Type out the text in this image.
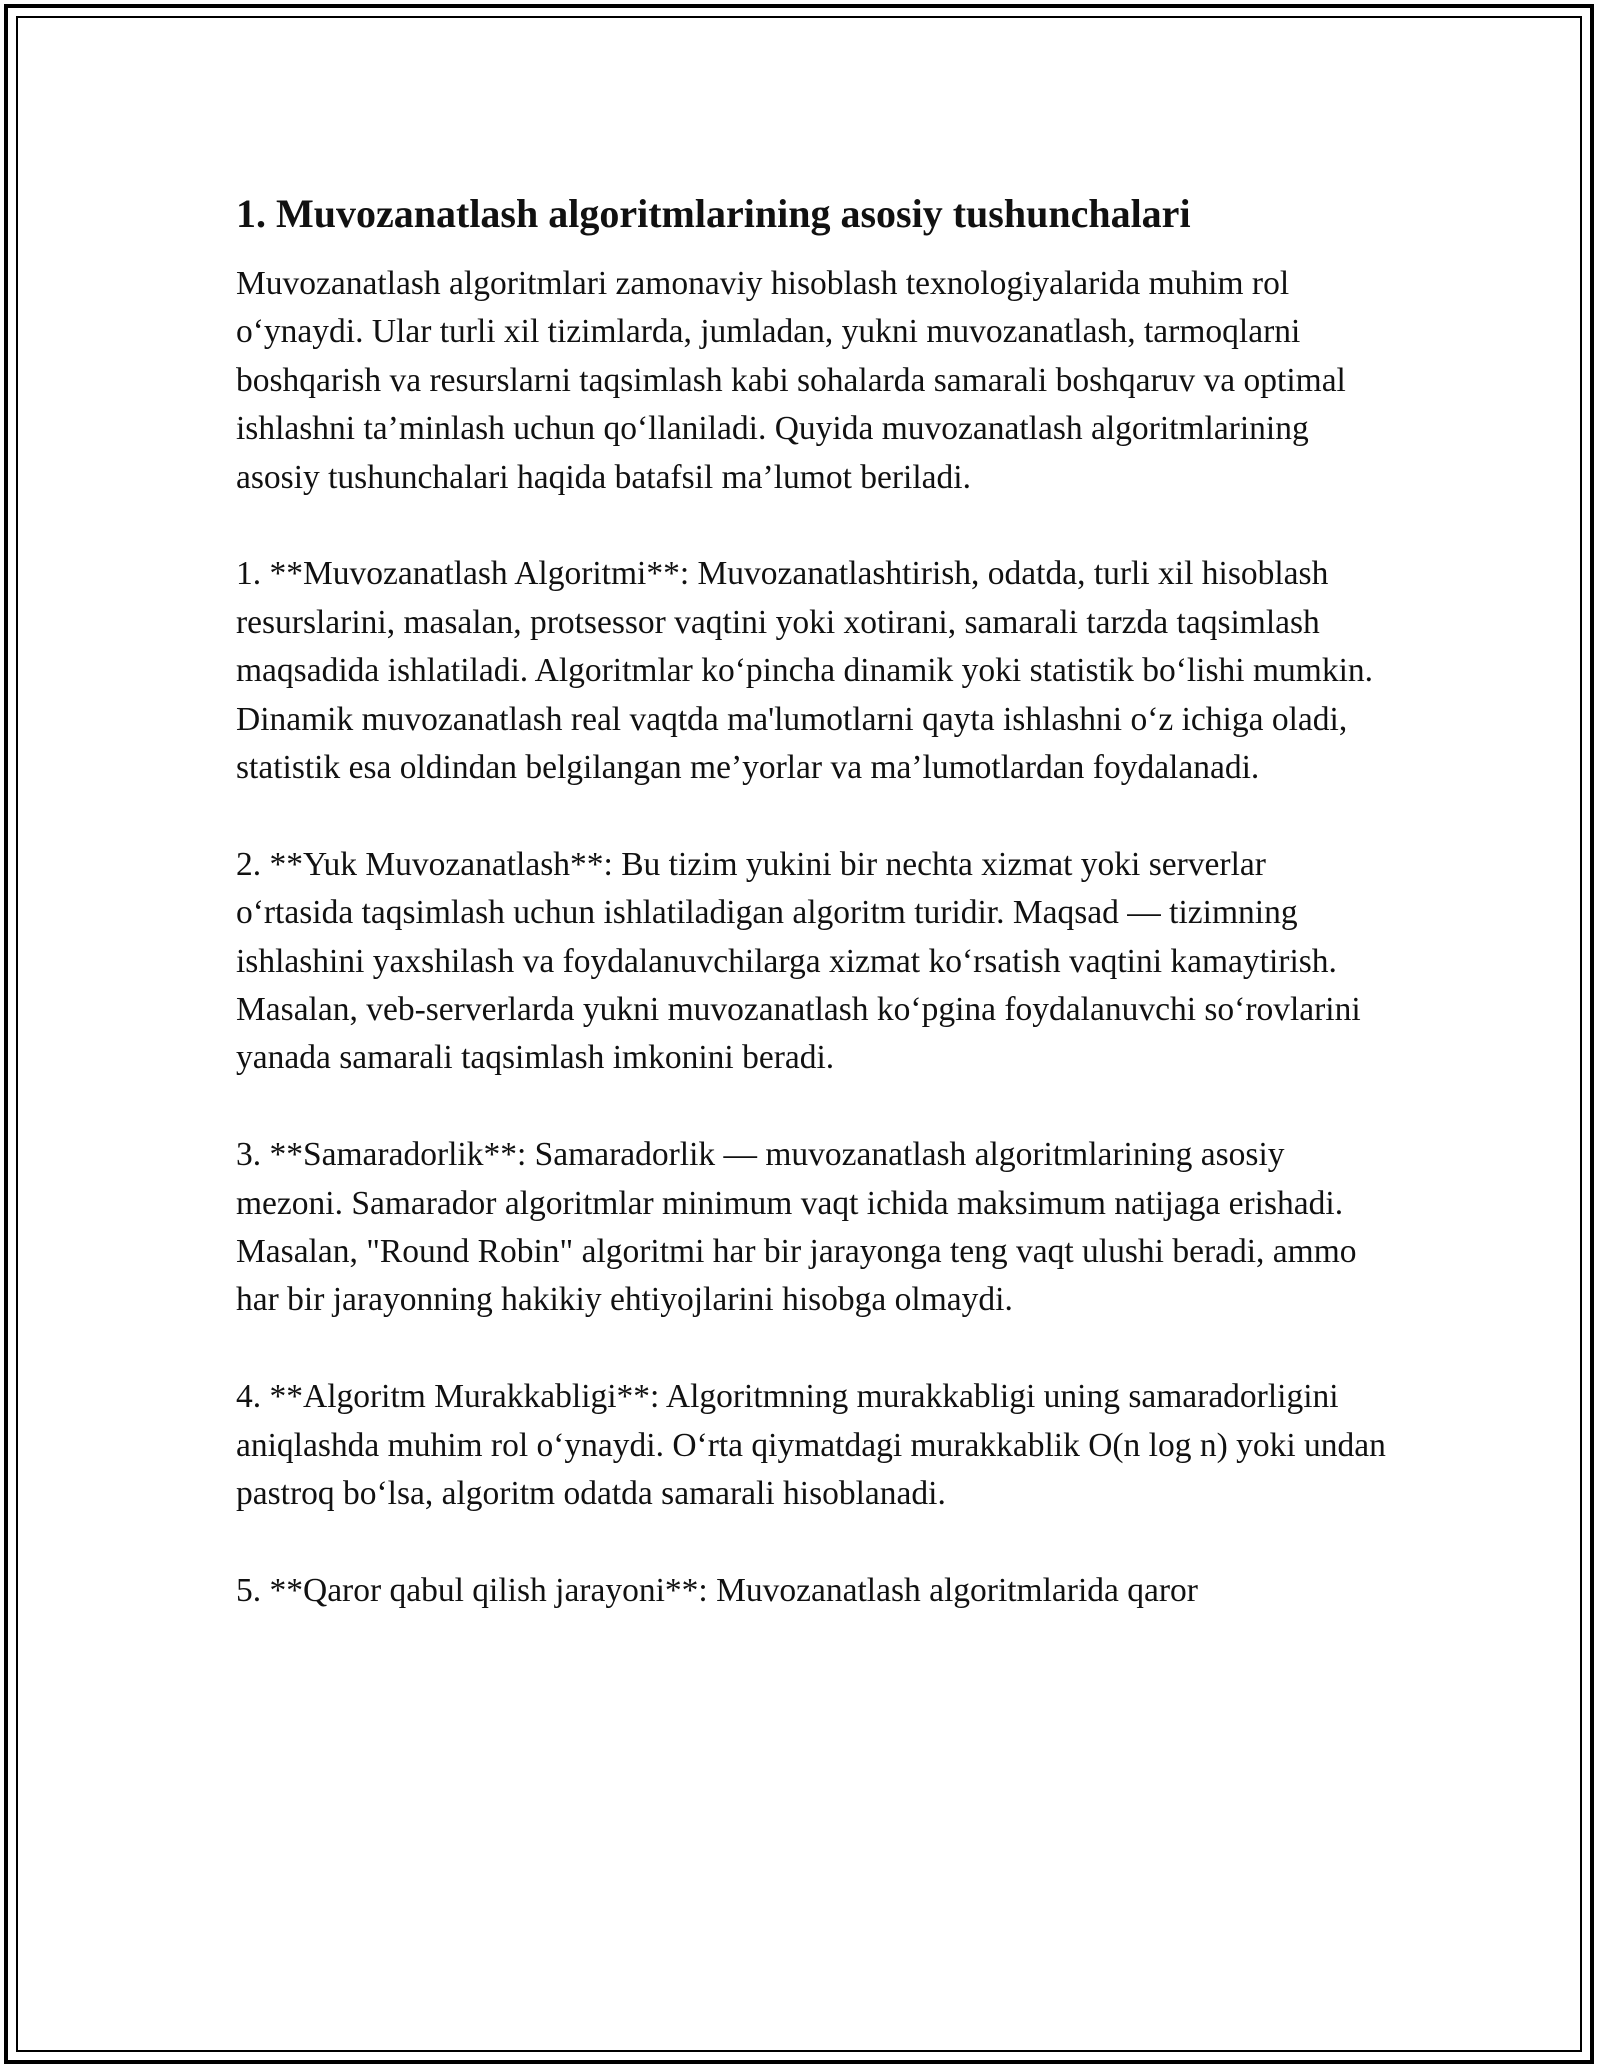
1. Muvozanatlash algoritmlarining asosiy tushunchalari

Muvozanatlash algoritmlari zamonaviy hisoblash texnologiyalarida muhim rol o‘ynaydi. Ular turli xil tizimlarda, jumladan, yukni muvozanatlash, tarmoqlarni boshqarish va resurslarni taqsimlash kabi sohalarda samarali boshqaruv va optimal ishlashni ta’minlash uchun qo‘llaniladi. Quyida muvozanatlash algoritmlarining asosiy tushunchalari haqida batafsil ma’lumot beriladi.

1. **Muvozanatlash Algoritmi**: Muvozanatlashtirish, odatda, turli xil hisoblash resurslarini, masalan, protsessor vaqtini yoki xotirani, samarali tarzda taqsimlash maqsadida ishlatiladi. Algoritmlar ko‘pincha dinamik yoki statistik bo‘lishi mumkin. Dinamik muvozanatlash real vaqtda ma'lumotlarni qayta ishlashni o‘z ichiga oladi, statistik esa oldindan belgilangan me’yorlar va ma’lumotlardan foydalanadi.

2. **Yuk Muvozanatlash**: Bu tizim yukini bir nechta xizmat yoki serverlar o‘rtasida taqsimlash uchun ishlatiladigan algoritm turidir. Maqsad — tizimning ishlashini yaxshilash va foydalanuvchilarga xizmat ko‘rsatish vaqtini kamaytirish. Masalan, veb-serverlarda yukni muvozanatlash ko‘pgina foydalanuvchi so‘rovlarini yanada samarali taqsimlash imkonini beradi.

3. **Samaradorlik**: Samaradorlik — muvozanatlash algoritmlarining asosiy mezoni. Samarador algoritmlar minimum vaqt ichida maksimum natijaga erishadi. Masalan, "Round Robin" algoritmi har bir jarayonga teng vaqt ulushi beradi, ammo har bir jarayonning hakikiy ehtiyojlarini hisobga olmaydi.

4. **Algoritm Murakkabligi**: Algoritmning murakkabligi uning samaradorligini aniqlashda muhim rol o‘ynaydi. O‘rta qiymatdagi murakkablik O(n log n) yoki undan pastroq bo‘lsa, algoritm odatda samarali hisoblanadi.

5. **Qaror qabul qilish jarayoni**: Muvozanatlash algoritmlarida qaror
